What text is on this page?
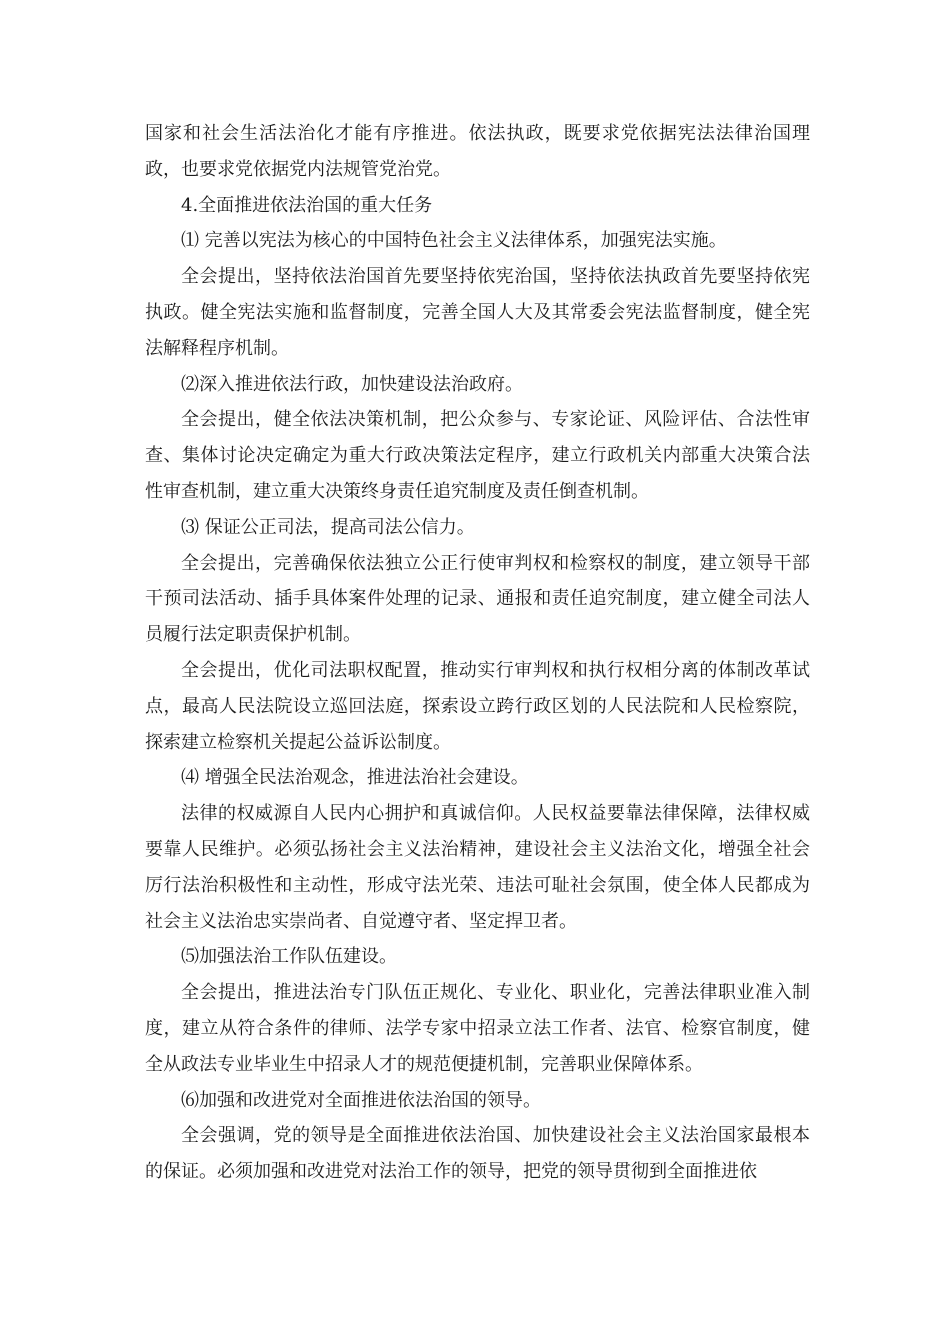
国家和社会生活法治化才能有序推进。依法执政，既要求党依据宪法法律治国理政，也要求党依据党内法规管党治党。

4.全面推进依法治国的重大任务

⑴ 完善以宪法为核心的中国特色社会主义法律体系，加强宪法实施。

全会提出，坚持依法治国首先要坚持依宪治国，坚持依法执政首先要坚持依宪执政。健全宪法实施和监督制度，完善全国人大及其常委会宪法监督制度，健全宪法解释程序机制。

⑵深入推进依法行政，加快建设法治政府。

全会提出，健全依法决策机制，把公众参与、专家论证、风险评估、合法性审查、集体讨论决定确定为重大行政决策法定程序，建立行政机关内部重大决策合法性审查机制，建立重大决策终身责任追究制度及责任倒查机制。

⑶ 保证公正司法，提高司法公信力。

全会提出，完善确保依法独立公正行使审判权和检察权的制度，建立领导干部干预司法活动、插手具体案件处理的记录、通报和责任追究制度，建立健全司法人员履行法定职责保护机制。

全会提出，优化司法职权配置，推动实行审判权和执行权相分离的体制改革试点，最高人民法院设立巡回法庭，探索设立跨行政区划的人民法院和人民检察院，探索建立检察机关提起公益诉讼制度。

⑷ 增强全民法治观念，推进法治社会建设。

法律的权威源自人民内心拥护和真诚信仰。人民权益要靠法律保障，法律权威要靠人民维护。必须弘扬社会主义法治精神，建设社会主义法治文化，增强全社会厉行法治积极性和主动性，形成守法光荣、违法可耻社会氛围，使全体人民都成为社会主义法治忠实崇尚者、自觉遵守者、坚定捍卫者。

⑸加强法治工作队伍建设。

全会提出，推进法治专门队伍正规化、专业化、职业化，完善法律职业准入制度，建立从符合条件的律师、法学专家中招录立法工作者、法官、检察官制度，健全从政法专业毕业生中招录人才的规范便捷机制，完善职业保障体系。

⑹加强和改进党对全面推进依法治国的领导。

全会强调，党的领导是全面推进依法治国、加快建设社会主义法治国家最根本的保证。必须加强和改进党对法治工作的领导，把党的领导贯彻到全面推进依
